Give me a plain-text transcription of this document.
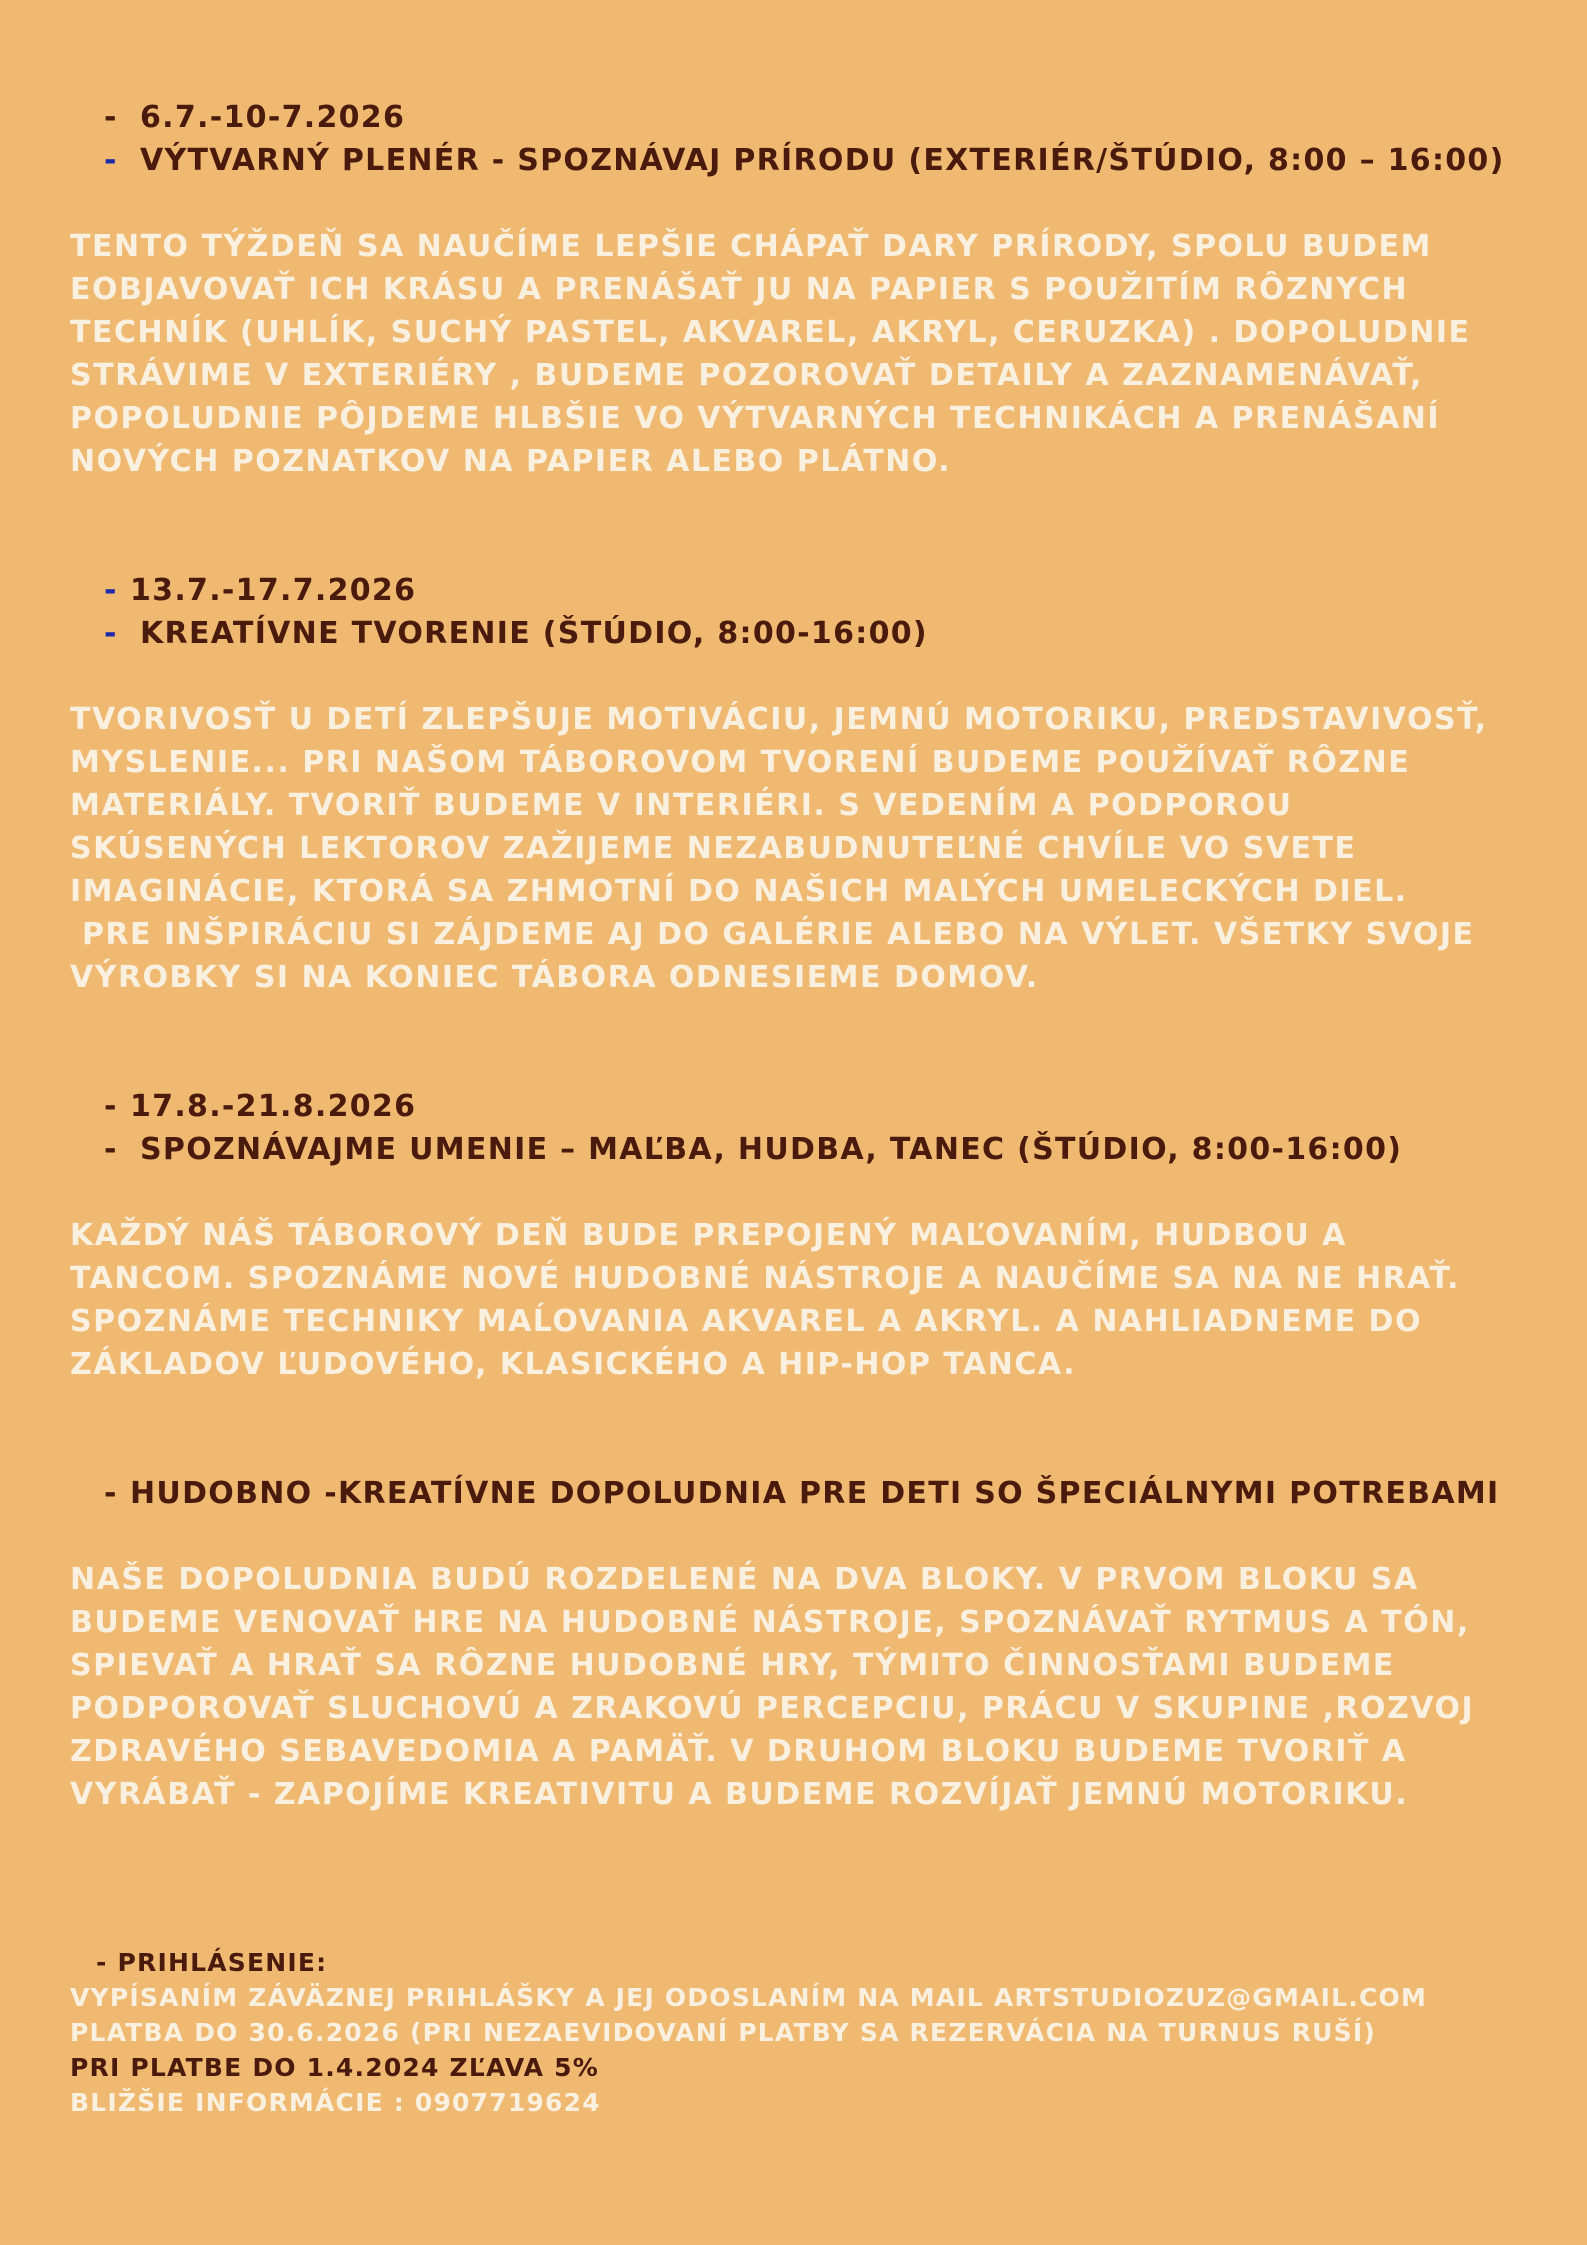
- 6.7.-10-7.2026
- VÝTVARNÝ PLENÉR - SPOZNÁVAJ PRÍRODU (EXTERIÉR/ŠTÚDIO, 8:00 – 16:00)
TENTO TÝŽDEŇ SA NAUČÍME LEPŠIE CHÁPAŤ DARY PRÍRODY, SPOLU BUDEM
EOBJAVOVAŤ ICH KRÁSU A PRENÁŠAŤ JU NA PAPIER S POUŽITÍM RÔZNYCH
TECHNÍK (UHLÍK, SUCHÝ PASTEL, AKVAREL, AKRYL, CERUZKA) . DOPOLUDNIE
STRÁVIME V EXTERIÉRY , BUDEME POZOROVAŤ DETAILY A ZAZNAMENÁVAŤ,
POPOLUDNIE PÔJDEME HLBŠIE VO VÝTVARNÝCH TECHNIKÁCH A PRENÁŠANÍ
NOVÝCH POZNATKOV NA PAPIER ALEBO PLÁTNO.
- 13.7.-17.7.2026
- KREATÍVNE TVORENIE (ŠTÚDIO, 8:00-16:00)
TVORIVOSŤ U DETÍ ZLEPŠUJE MOTIVÁCIU, JEMNÚ MOTORIKU, PREDSTAVIVOSŤ,
MYSLENIE... PRI NAŠOM TÁBOROVOM TVORENÍ BUDEME POUŽÍVAŤ RÔZNE
MATERIÁLY. TVORIŤ BUDEME V INTERIÉRI. S VEDENÍM A PODPOROU
SKÚSENÝCH LEKTOROV ZAŽIJEME NEZABUDNUTEĽNÉ CHVÍLE VO SVETE
IMAGINÁCIE, KTORÁ SA ZHMOTNÍ DO NAŠICH MALÝCH UMELECKÝCH DIEL.
PRE INŠPIRÁCIU SI ZÁJDEME AJ DO GALÉRIE ALEBO NA VÝLET. VŠETKY SVOJE
VÝROBKY SI NA KONIEC TÁBORA ODNESIEME DOMOV.
- 17.8.-21.8.2026
- SPOZNÁVAJME UMENIE – MAĽBA, HUDBA, TANEC (ŠTÚDIO, 8:00-16:00)
KAŽDÝ NÁŠ TÁBOROVÝ DEŇ BUDE PREPOJENÝ MAĽOVANÍM, HUDBOU A
TANCOM. SPOZNÁME NOVÉ HUDOBNÉ NÁSTROJE A NAUČÍME SA NA NE HRAŤ.
SPOZNÁME TECHNIKY MAĹOVANIA AKVAREL A AKRYL. A NAHLIADNEME DO
ZÁKLADOV ĽUDOVÉHO, KLASICKÉHO A HIP-HOP TANCA.
- HUDOBNO -KREATÍVNE DOPOLUDNIA PRE DETI SO ŠPECIÁLNYMI POTREBAMI
NAŠE DOPOLUDNIA BUDÚ ROZDELENÉ NA DVA BLOKY. V PRVOM BLOKU SA
BUDEME VENOVAŤ HRE NA HUDOBNÉ NÁSTROJE, SPOZNÁVAŤ RYTMUS A TÓN,
SPIEVAŤ A HRAŤ SA RÔZNE HUDOBNÉ HRY, TÝMITO ČINNOSŤAMI BUDEME
PODPOROVAŤ SLUCHOVÚ A ZRAKOVÚ PERCEPCIU, PRÁCU V SKUPINE ,ROZVOJ
ZDRAVÉHO SEBAVEDOMIA A PAMÄŤ. V DRUHOM BLOKU BUDEME TVORIŤ A
VYRÁBAŤ - ZAPOJÍME KREATIVITU A BUDEME ROZVÍJAŤ JEMNÚ MOTORIKU.
- PRIHLÁSENIE:
VYPÍSANÍM ZÁVÄZNEJ PRIHLÁŠKY A JEJ ODOSLANÍM NA MAIL ARTSTUDIOZUZ@GMAIL.COM
PLATBA DO 30.6.2026 (PRI NEZAEVIDOVANÍ PLATBY SA REZERVÁCIA NA TURNUS RUŠÍ)
PRI PLATBE DO 1.4.2024 ZĽAVA 5%
BLIŽŠIE INFORMÁCIE : 0907719624
